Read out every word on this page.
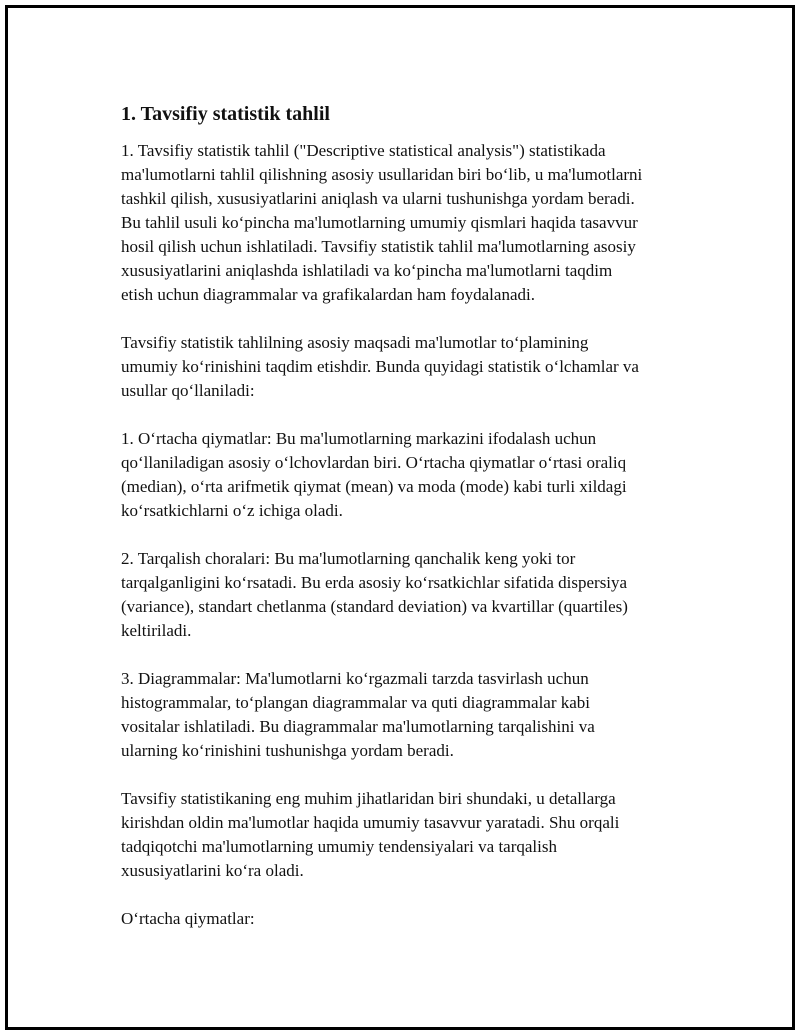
1. Tavsifiy statistik tahlil

1. Tavsifiy statistik tahlil ("Descriptive statistical analysis") statistikada
ma'lumotlarni tahlil qilishning asosiy usullaridan biri bo‘lib, u ma'lumotlarni
tashkil qilish, xususiyatlarini aniqlash va ularni tushunishga yordam beradi.
Bu tahlil usuli ko‘pincha ma'lumotlarning umumiy qismlari haqida tasavvur
hosil qilish uchun ishlatiladi. Tavsifiy statistik tahlil ma'lumotlarning asosiy
xususiyatlarini aniqlashda ishlatiladi va ko‘pincha ma'lumotlarni taqdim
etish uchun diagrammalar va grafikalardan ham foydalanadi.

Tavsifiy statistik tahlilning asosiy maqsadi ma'lumotlar to‘plamining
umumiy ko‘rinishini taqdim etishdir. Bunda quyidagi statistik o‘lchamlar va
usullar qo‘llaniladi:

1. O‘rtacha qiymatlar: Bu ma'lumotlarning markazini ifodalash uchun
qo‘llaniladigan asosiy o‘lchovlardan biri. O‘rtacha qiymatlar o‘rtasi oraliq
(median), o‘rta arifmetik qiymat (mean) va moda (mode) kabi turli xildagi
ko‘rsatkichlarni o‘z ichiga oladi.

2. Tarqalish choralari: Bu ma'lumotlarning qanchalik keng yoki tor
tarqalganligini ko‘rsatadi. Bu erda asosiy ko‘rsatkichlar sifatida dispersiya
(variance), standart chetlanma (standard deviation) va kvartillar (quartiles)
keltiriladi.

3. Diagrammalar: Ma'lumotlarni ko‘rgazmali tarzda tasvirlash uchun
histogrammalar, to‘plangan diagrammalar va quti diagrammalar kabi
vositalar ishlatiladi. Bu diagrammalar ma'lumotlarning tarqalishini va
ularning ko‘rinishini tushunishga yordam beradi.

Tavsifiy statistikaning eng muhim jihatlaridan biri shundaki, u detallarga
kirishdan oldin ma'lumotlar haqida umumiy tasavvur yaratadi. Shu orqali
tadqiqotchi ma'lumotlarning umumiy tendensiyalari va tarqalish
xususiyatlarini ko‘ra oladi.

O‘rtacha qiymatlar:
